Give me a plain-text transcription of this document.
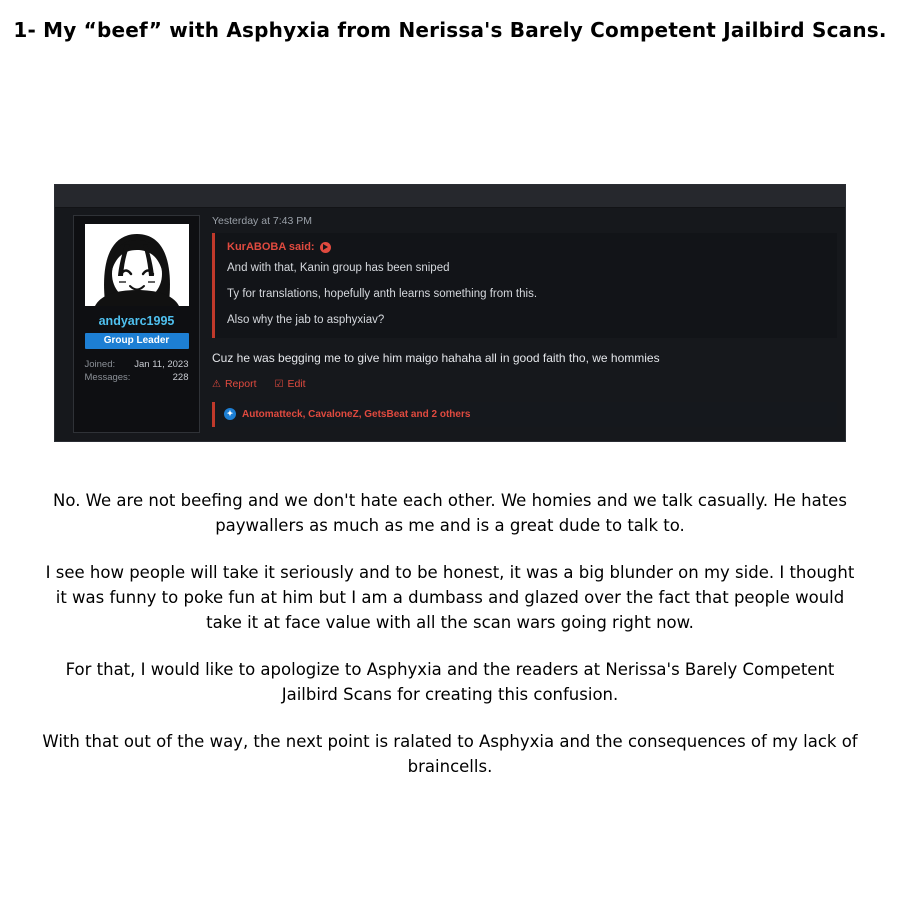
1- My “beef” with Asphyxia from Nerissa's Barely Competent Jailbird Scans.
andyarc1995
Group Leader
Joined: Jan 11, 2023
Messages:	228
Yesterday at 7:43 PM
KurABOBA said:
And with that, Kanin group has been sniped
Ty for translations, hopefully anth learns something from this.
Also why the jab to asphyxiav?
Cuz he was begging me to give him maigo hahaha all in good faith tho, we hommies
⚠ Report ☑ Edit
✦ Automatteck, CavaloneZ, GetsBeat and 2 others

No. We are not beefing and we don't hate each other. We homies and we talk casually. He hates paywallers as much as me and is a great dude to talk to.

I see how people will take it seriously and to be honest, it was a big blunder on my side. I thought it was funny to poke fun at him but I am a dumbass and glazed over the fact that people would take it at face value with all the scan wars going right now.

For that, I would like to apologize to Asphyxia and the readers at Nerissa's Barely Competent Jailbird Scans for creating this confusion.

With that out of the way, the next point is ralated to Asphyxia and the consequences of my lack of braincells.
